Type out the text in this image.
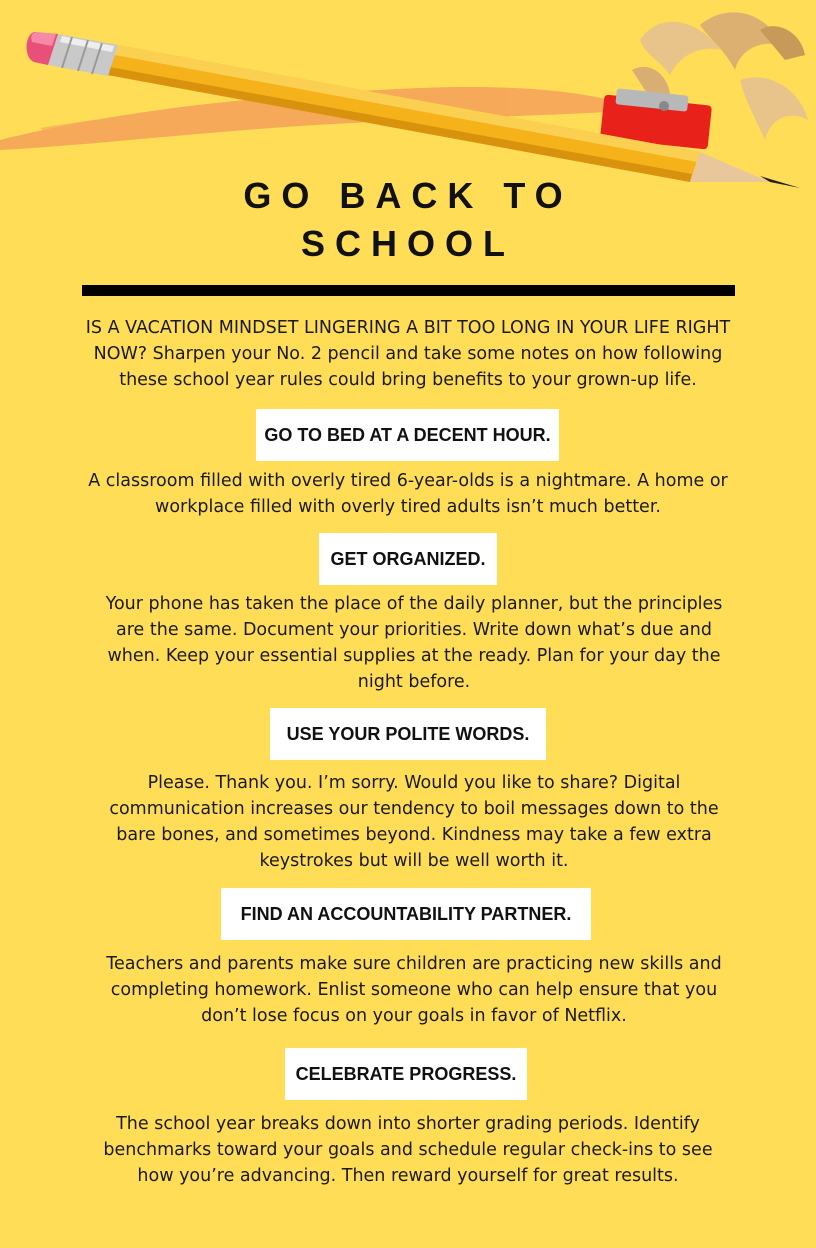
GO BACK TO
SCHOOL
IS A VACATION MINDSET LINGERING A BIT TOO LONG IN YOUR LIFE RIGHT NOW? Sharpen your No. 2 pencil and take some notes on how following these school year rules could bring benefits to your grown-up life.
GO TO BED AT A DECENT HOUR.
A classroom filled with overly tired 6-year-olds is a nightmare. A home or workplace filled with overly tired adults isn’t much better.
GET ORGANIZED.
Your phone has taken the place of the daily planner, but the principles are the same. Document your priorities. Write down what’s due and when. Keep your essential supplies at the ready. Plan for your day the night before.
USE YOUR POLITE WORDS.
Please. Thank you. I’m sorry. Would you like to share? Digital communication increases our tendency to boil messages down to the bare bones, and sometimes beyond. Kindness may take a few extra keystrokes but will be well worth it.
FIND AN ACCOUNTABILITY PARTNER.
Teachers and parents make sure children are practicing new skills and completing homework. Enlist someone who can help ensure that you don’t lose focus on your goals in favor of Netflix.
CELEBRATE PROGRESS.
The school year breaks down into shorter grading periods. Identify benchmarks toward your goals and schedule regular check-ins to see how you’re advancing. Then reward yourself for great results.
